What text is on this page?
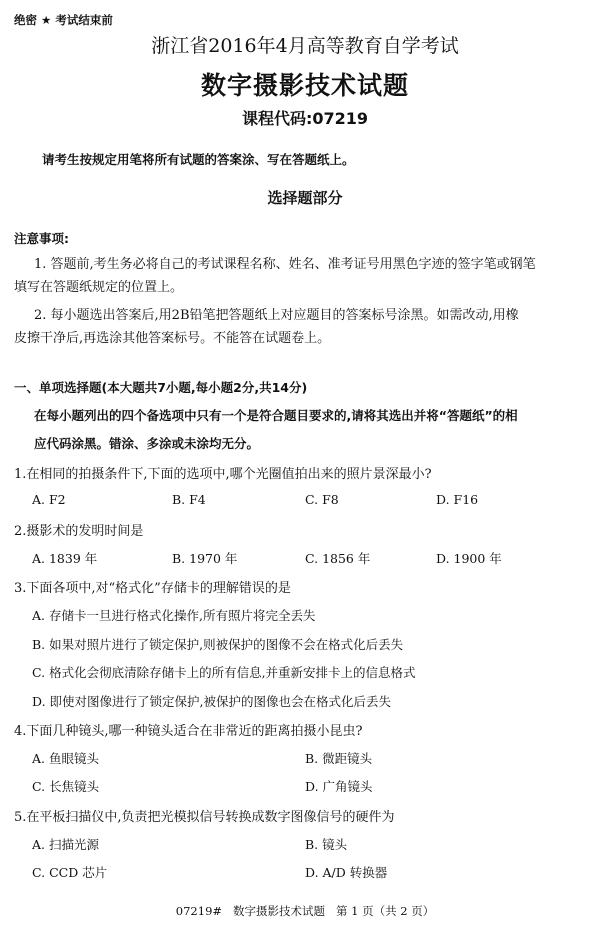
绝密 ★ 考试结束前
浙江省2016年4月高等教育自学考试
数字摄影技术试题
课程代码:07219
请考生按规定用笔将所有试题的答案涂、写在答题纸上。
选择题部分
注意事项:
1. 答题前,考生务必将自己的考试课程名称、姓名、准考证号用黑色字迹的签字笔或钢笔
填写在答题纸规定的位置上。
2. 每小题选出答案后,用2B铅笔把答题纸上对应题目的答案标号涂黑。如需改动,用橡
皮擦干净后,再选涂其他答案标号。不能答在试题卷上。
一、单项选择题(本大题共7小题,每小题2分,共14分)
在每小题列出的四个备选项中只有一个是符合题目要求的,请将其选出并将“答题纸”的相
应代码涂黑。错涂、多涂或未涂均无分。
1.在相同的拍摄条件下,下面的选项中,哪个光圈值拍出来的照片景深最小?
A. F2	B. F4	C. F8	D. F16
2.摄影术的发明时间是
A. 1839 年	B. 1970 年	C. 1856 年	D. 1900 年
3.下面各项中,对“格式化”存储卡的理解错误的是
A. 存储卡一旦进行格式化操作,所有照片将完全丢失
B. 如果对照片进行了锁定保护,则被保护的图像不会在格式化后丢失
C. 格式化会彻底清除存储卡上的所有信息,并重新安排卡上的信息格式
D. 即使对图像进行了锁定保护,被保护的图像也会在格式化后丢失
4.下面几种镜头,哪一种镜头适合在非常近的距离拍摄小昆虫?
A. 鱼眼镜头	B. 微距镜头
C. 长焦镜头	D. 广角镜头
5.在平板扫描仪中,负责把光模拟信号转换成数字图像信号的硬件为
A. 扫描光源	B. 镜头
C. CCD 芯片	D. A/D 转换器
07219#   数字摄影技术试题   第 1 页（共 2 页）
